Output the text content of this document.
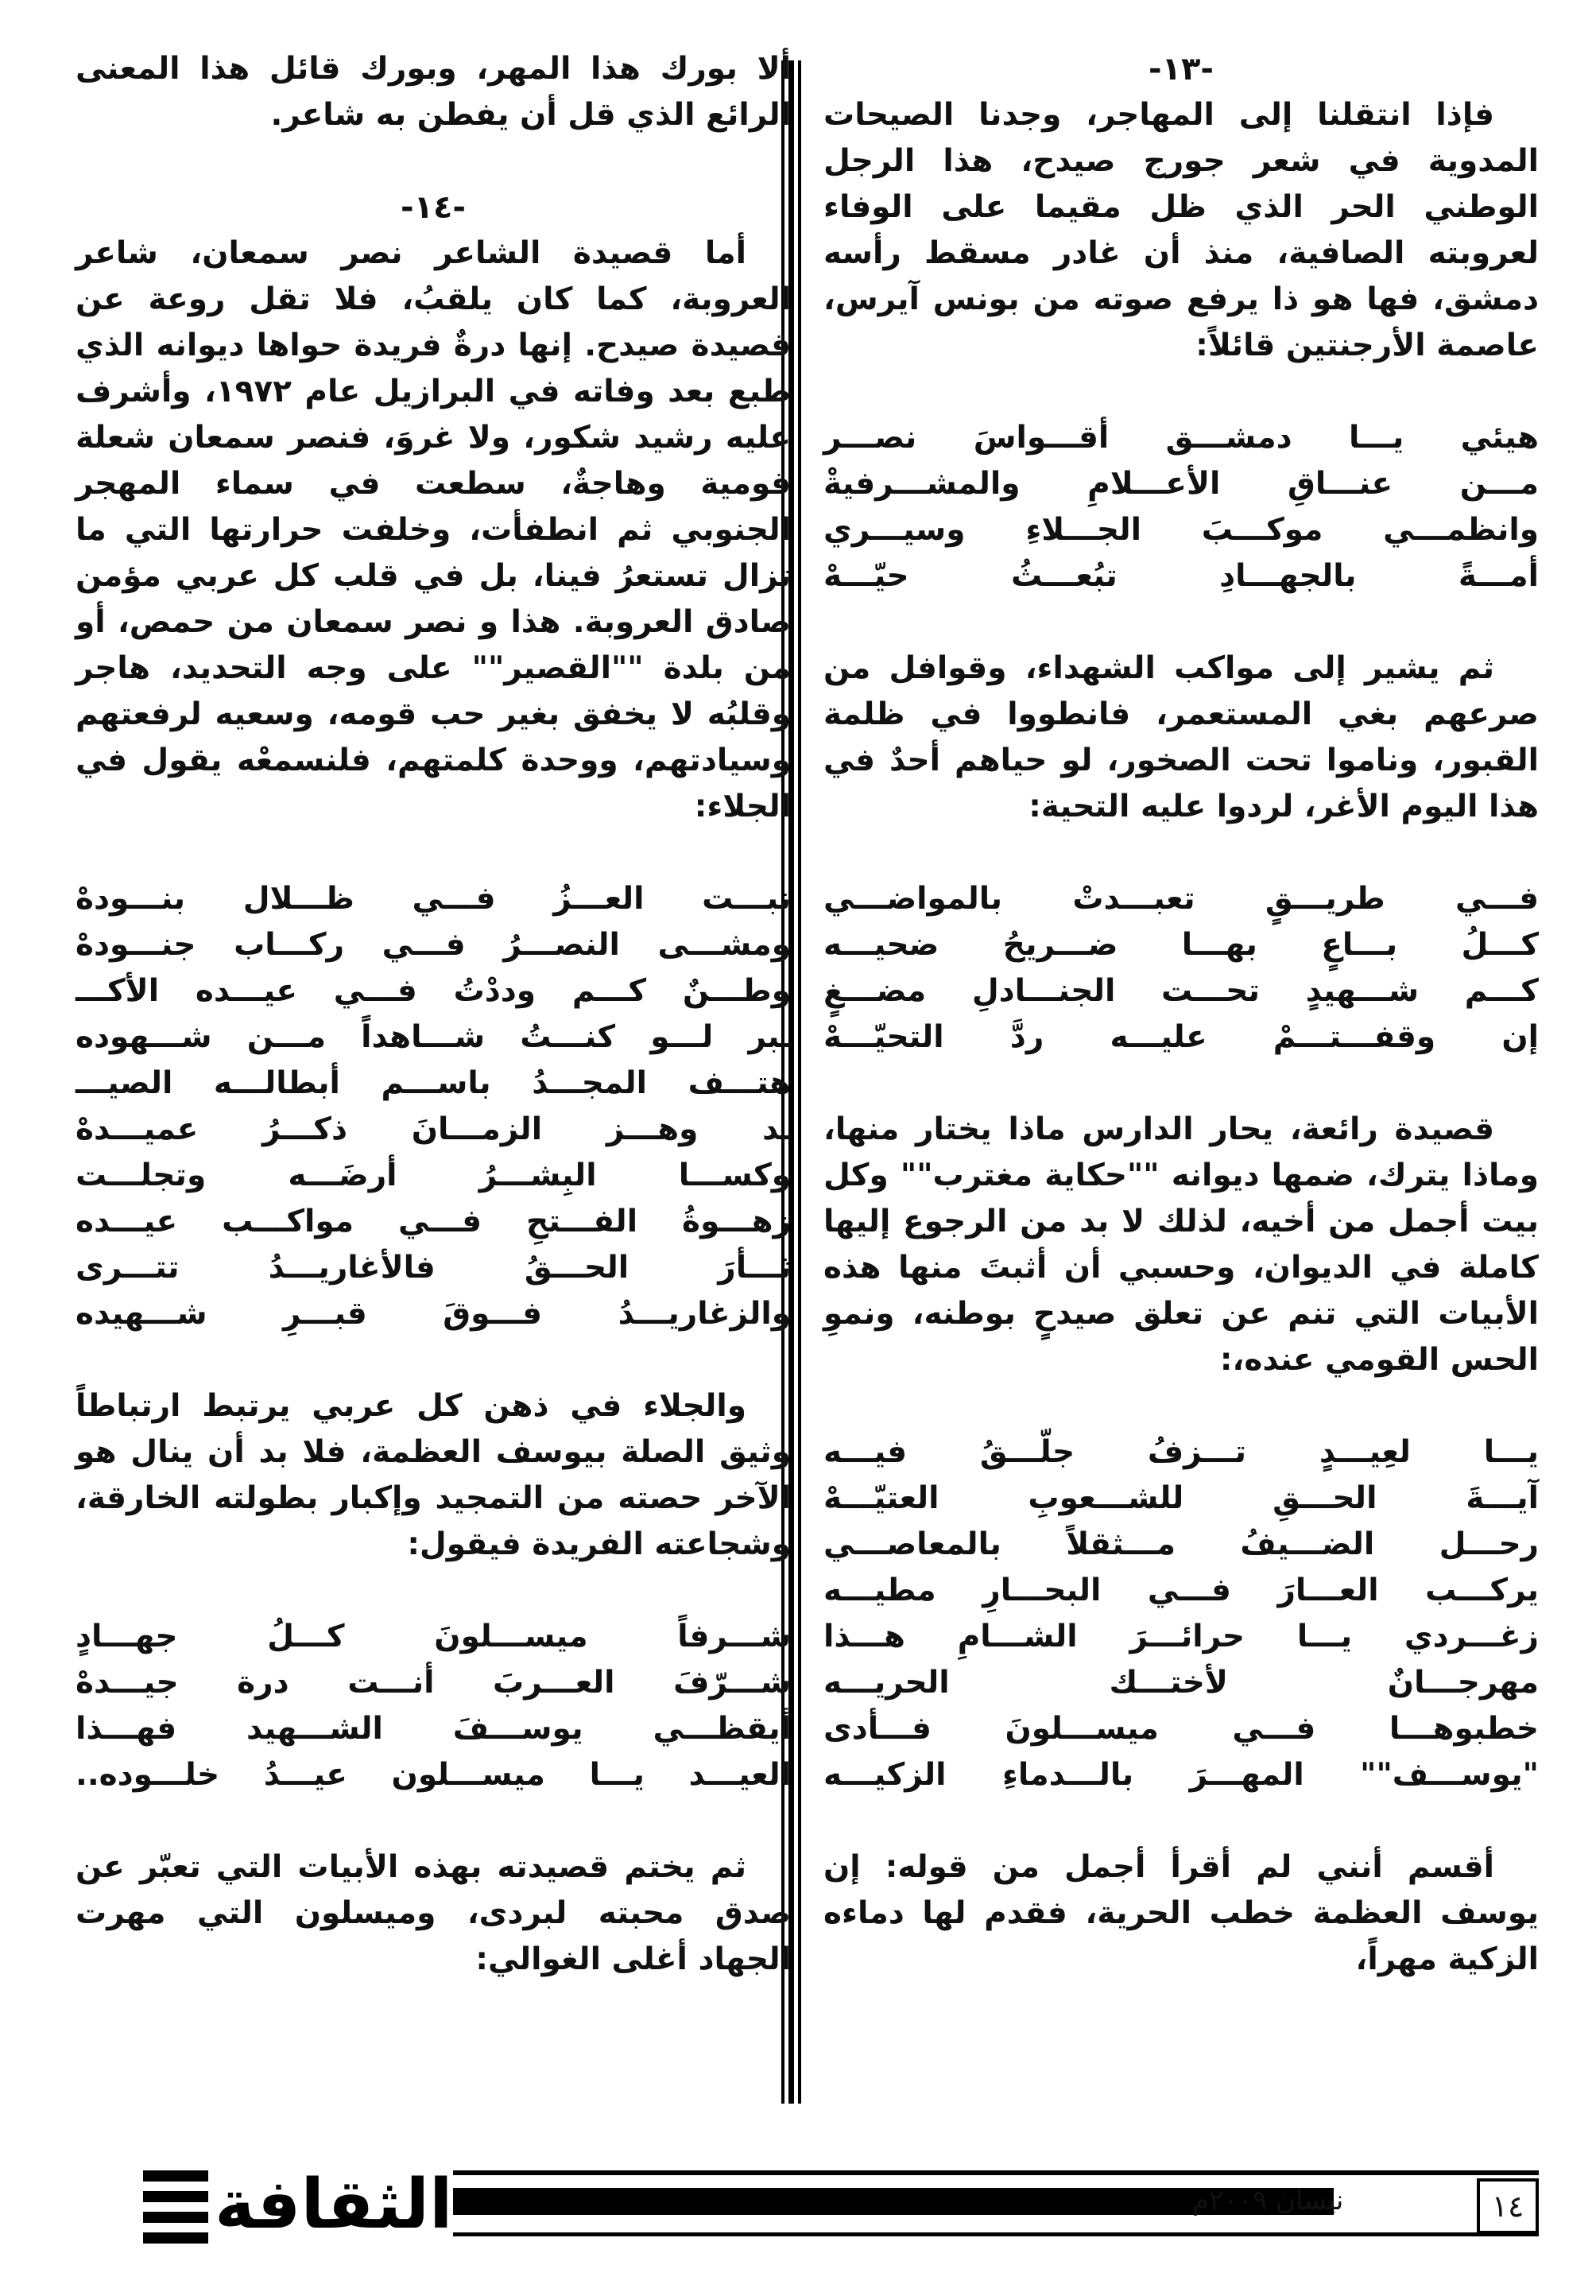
-١٣-

فإذا انتقلنا إلى المهاجر، وجدنا الصيحات المدوية في شعر جورج صيدح، هذا الرجل الوطني الحر الذي ظل مقيما على الوفاء لعروبته الصافية، منذ أن غادر مسقط رأسه دمشق، فها هو ذا يرفع صوته من بونس آيرس، عاصمة الأرجنتين قائلاً:

هيئي يـــا دمشـــق أقـــواسَ نصـــر

مـــن عنـــاقِ الأعـــلامِ والمشـــرفيةْ

وانظمـــي موكـــبَ الجـــلاءِ وسيـــري

أمـــةً بالجهـــادِ تبُعـــثُ حيّـــهْ

ثم يشير إلى مواكب الشهداء، وقوافل من صرعهم بغي المستعمر، فانطووا في ظلمة القبور، وناموا تحت الصخور، لو حياهم أحدٌ في هذا اليوم الأغر، لردوا عليه التحية:

فـــي طريـــقٍ تعبـــدتْ بالمواضـــي

كـــلُ بـــاعٍ بهـــا ضـــريحُ ضحيـــه

كـــم شـــهيدٍ تحـــت الجنـــادلِ مضـــغٍ

إن وقفـــتـــمْ عليـــه ردَّ التحيّـــهْ

قصيدة رائعة، يحار الدارس ماذا يختار منها، وماذا يترك، ضمها ديوانه ""حكاية مغترب"" وكل بيت أجمل من أخيه، لذلك لا بد من الرجوع إليها كاملة في الديوان، وحسبي أن أثبتَ منها هذه الأبيات التي تنم عن تعلق صيدحٍ بوطنه، ونموِ الحس القومي عنده،:

يـــا لعِيـــدٍ تـــزفُ جلّـــقُ فيـــه

آيـــةَ الحـــقِ للشـــعوبِ العتيّـــهْ

رحـــل الضـــيفُ مـــثقلاً بالمعاصـــي

يركـــب العـــارَ فـــي البحـــارِ مطيـــه

زغـــردي يـــا حرائـــرَ الشـــامِ هـــذا

مهرجـــانٌ لأختـــك الحريـــه

خطبوهـــا فـــي ميســـلونَ فـــأدى

"يوســـف"" المهـــرَ بالـــدماءِ الزكيـــه

أقسم أنني لم أقرأ أجمل من قوله: إن يوسف العظمة خطب الحرية، فقدم لها دماءه الزكية مهراً،

ألا بورك هذا المهر، وبورك قائل هذا المعنى الرائع الذي قل أن يفطن به شاعر.

-١٤-

أما قصيدة الشاعر نصر سمعان، شاعر العروبة، كما كان يلقبُ، فلا تقل روعة عن قصيدة صيدح. إنها درةٌ فريدة حواها ديوانه الذي طبع بعد وفاته في البرازيل عام ١٩٧٢، وأشرف عليه رشيد شكور، ولا غروَ، فنصر سمعان شعلة قومية وهاجةٌ، سطعت في سماء المهجر الجنوبي ثم انطفأت، وخلفت حرارتها التي ما تزال تستعرُ فينا، بل في قلب كل عربي مؤمن صادق العروبة. هذا و نصر سمعان من حمص، أو من بلدة ""القصير"" على وجه التحديد، هاجر وقلبُه لا يخفق بغير حب قومه، وسعيه لرفعتهم وسيادتهم، ووحدة كلمتهم، فلنسمعْه يقول في الجلاء:

نبـــت العـــزُ فـــي ظـــلال بنـــودهْ

ومشـــى النصـــرُ فـــي ركـــاب جنـــودهْ

وطـــنٌ كـــم وددْتُ فـــي عيـــده الأكـــ

ـبر لـــو كنـــتُ شـــاهداً مـــن شـــهوده

هتـــف المجـــدُ باســـم أبطالـــه الصيـــ

ـد وهـــز الزمـــانَ ذكـــرُ عميـــدهْ

وكســـا البِشـــرُ أرضَـــه وتجلـــت

زهـــوةُ الفـــتحِ فـــي مواكـــب عيـــده

ثـــأرَ الحـــقُ فالأغاريـــدُ تتـــرى

والزغاريـــدُ فـــوقَ قبـــرِ شـــهيده

والجلاء في ذهن كل عربي يرتبط ارتباطاً وثيق الصلة بيوسف العظمة، فلا بد أن ينال هو الآخر حصته من التمجيد وإكبار بطولته الخارقة، وشجاعته الفريدة فيقول:

شـــرفاً ميســـلونَ كـــلُ جهـــادٍ

شـــرّفَ العـــربَ أنـــت درة جيـــدهْ

أيقظـــي يوســـفَ الشـــهيد فهـــذا

العيـــد يـــا ميســـلون عيـــدُ خلـــوده..

ثم يختم قصيدته بهذه الأبيات التي تعبّر عن صدق محبته لبردى، وميسلون التي مهرت الجهاد أغلى الغوالي:

الثقافة	نيسان ٢٠٠٩م	١٤
